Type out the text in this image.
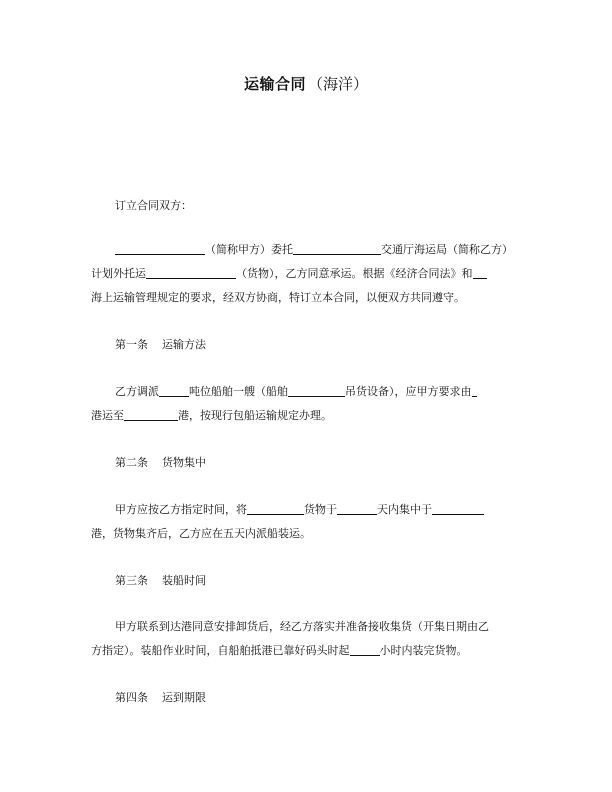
运输合同 （海洋）
订立合同双方：
（简称甲方）委托	交通厅海运局（简称乙方）
计划外托运	（货物），乙方同意承运。根据《经济合同法》和
海上运输管理规定的要求，经双方协商，特订立本合同，以便双方共同遵守。
第一条 运输方法
乙方调派	吨位船舶一艘（船舶	吊货设备），应甲方要求由
港运至	港，按现行包船运输规定办理。
第二条 货物集中
甲方应按乙方指定时间，将	货物于	天内集中于
港，货物集齐后，乙方应在五天内派船装运。
第三条 装船时间
甲方联系到达港同意安排卸货后，经乙方落实并准备接收集货（开集日期由乙
方指定）。装船作业时间，自船舶抵港已靠好码头时起	小时内装完货物。
第四条 运到期限
